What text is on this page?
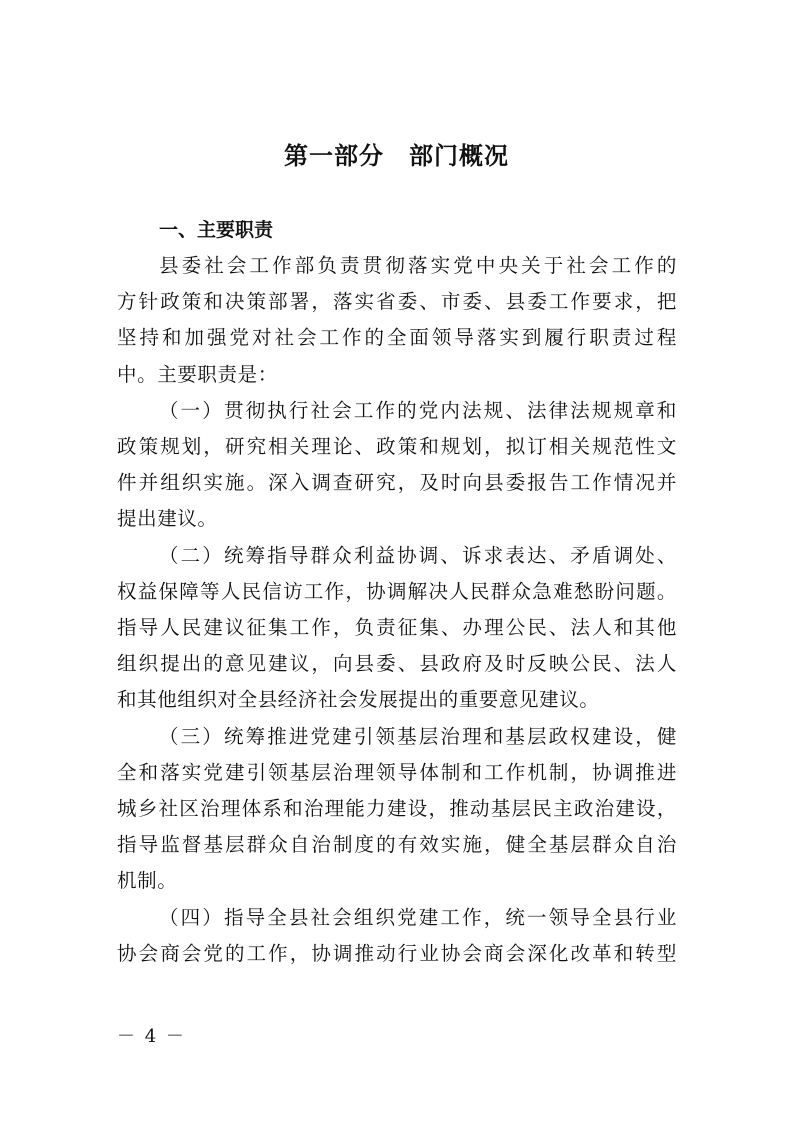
第一部分　部门概况
一、主要职责
县委社会工作部负责贯彻落实党中央关于社会工作的
方针政策和决策部署，落实省委、市委、县委工作要求，把
坚持和加强党对社会工作的全面领导落实到履行职责过程
中。主要职责是：
（一）贯彻执行社会工作的党内法规、法律法规规章和
政策规划，研究相关理论、政策和规划，拟订相关规范性文
件并组织实施。深入调查研究，及时向县委报告工作情况并
提出建议。
（二）统筹指导群众利益协调、诉求表达、矛盾调处、
权益保障等人民信访工作，协调解决人民群众急难愁盼问题。
指导人民建议征集工作，负责征集、办理公民、法人和其他
组织提出的意见建议，向县委、县政府及时反映公民、法人
和其他组织对全县经济社会发展提出的重要意见建议。
（三）统筹推进党建引领基层治理和基层政权建设，健
全和落实党建引领基层治理领导体制和工作机制，协调推进
城乡社区治理体系和治理能力建设，推动基层民主政治建设，
指导监督基层群众自治制度的有效实施，健全基层群众自治
机制。
（四）指导全县社会组织党建工作，统一领导全县行业
协会商会党的工作，协调推动行业协会商会深化改革和转型
－ 4 －
